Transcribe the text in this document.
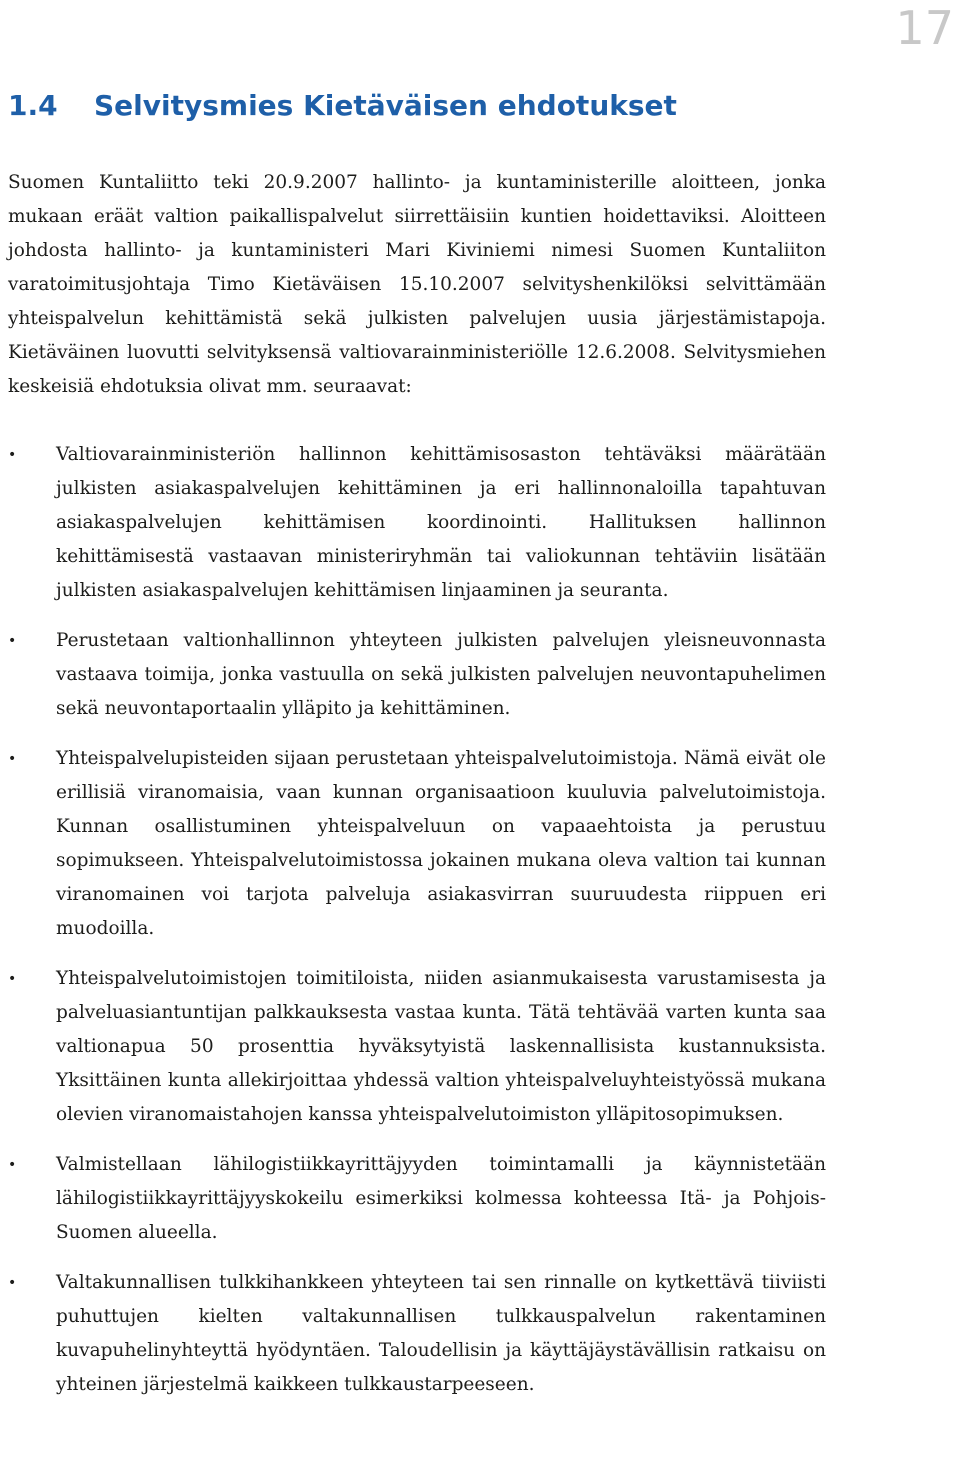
17
1.4 Selvitysmies Kietäväisen ehdotukset

Suomen Kuntaliitto teki 20.9.2007 hallinto- ja kuntaministerille aloitteen, jonka mukaan eräät valtion paikallispalvelut siirrettäisiin kuntien hoidettaviksi. Aloitteen johdosta hallinto- ja kuntaministeri Mari Kiviniemi nimesi Suomen Kuntaliiton varatoimitusjohtaja Timo Kietäväisen 15.10.2007 selvityshenkilöksi selvittämään yhteispalvelun kehittämistä sekä julkisten palvelujen uusia järjestämistapoja. Kietäväinen luovutti selvityksensä valtiovarainministeriölle 12.6.2008. Selvitysmiehen keskeisiä ehdotuksia olivat mm. seuraavat:

•	Valtiovarainministeriön hallinnon kehittämisosaston tehtäväksi määrätään julkisten asiakaspalvelujen kehittäminen ja eri hallinnonaloilla tapahtuvan asiakaspalvelujen kehittämisen koordinointi. Hallituksen hallinnon kehittämisestä vastaavan ministeriryhmän tai valiokunnan tehtäviin lisätään julkisten asiakaspalvelujen kehittämisen linjaaminen ja seuranta.
•	Perustetaan valtionhallinnon yhteyteen julkisten palvelujen yleisneuvonnasta vastaava toimija, jonka vastuulla on sekä julkisten palvelujen neuvontapuhelimen sekä neuvontaportaalin ylläpito ja kehittäminen.
•	Yhteispalvelupisteiden sijaan perustetaan yhteispalvelutoimistoja. Nämä eivät ole erillisiä viranomaisia, vaan kunnan organisaatioon kuuluvia palvelutoimistoja. Kunnan osallistuminen yhteispalveluun on vapaaehtoista ja perustuu sopimukseen. Yhteispalvelutoimistossa jokainen mukana oleva valtion tai kunnan viranomainen voi tarjota palveluja asiakasvirran suuruudesta riippuen eri muodoilla.
•	Yhteispalvelutoimistojen toimitiloista, niiden asianmukaisesta varustamisesta ja palveluasiantuntijan palkkauksesta vastaa kunta. Tätä tehtävää varten kunta saa valtionapua 50 prosenttia hyväksytyistä laskennallisista kustannuksista. Yksittäinen kunta allekirjoittaa yhdessä valtion yhteispalveluyhteistyössä mukana olevien viranomaistahojen kanssa yhteispalvelutoimiston ylläpitosopimuksen.
•	Valmistellaan lähilogistiikkayrittäjyyden toimintamalli ja käynnistetään lähilogistiikkayrittäjyyskokeilu esimerkiksi kolmessa kohteessa Itä- ja Pohjois-Suomen alueella.
•	Valtakunnallisen tulkkihankkeen yhteyteen tai sen rinnalle on kytkettävä tiiviisti puhuttujen kielten valtakunnallisen tulkkauspalvelun rakentaminen kuvapuhelinyhteyttä hyödyntäen. Taloudellisin ja käyttäjäystävällisin ratkaisu on yhteinen järjestelmä kaikkeen tulkkaustarpeeseen.
